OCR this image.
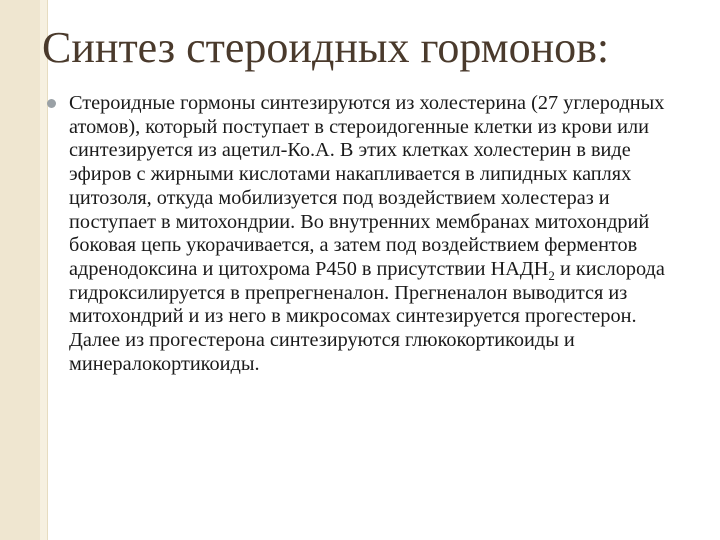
Синтез стероидных гормонов:

Стероидные гормоны синтезируются из холестерина (27 углеродных атомов), который поступает в стероидогенные клетки из крови или синтезируется из ацетил-Ко.А. В этих клетках холестерин в виде эфиров с жирными кислотами накапливается в липидных каплях цитозоля, откуда мобилизуется под воздействием холестераз и поступает в митохондрии. Во внутренних мембранах митохондрий боковая цепь укорачивается, а затем под воздействием ферментов адренодоксина и цитохрома Р450 в присутствии $НАДН_2$ и кислорода гидроксилируется в препрегненалон. Прегненалон выводится из митохондрий и из него в микросомах синтезируется прогестерон. Далее из прогестерона синтезируются глюкокортикоиды и минералокортикоиды.
